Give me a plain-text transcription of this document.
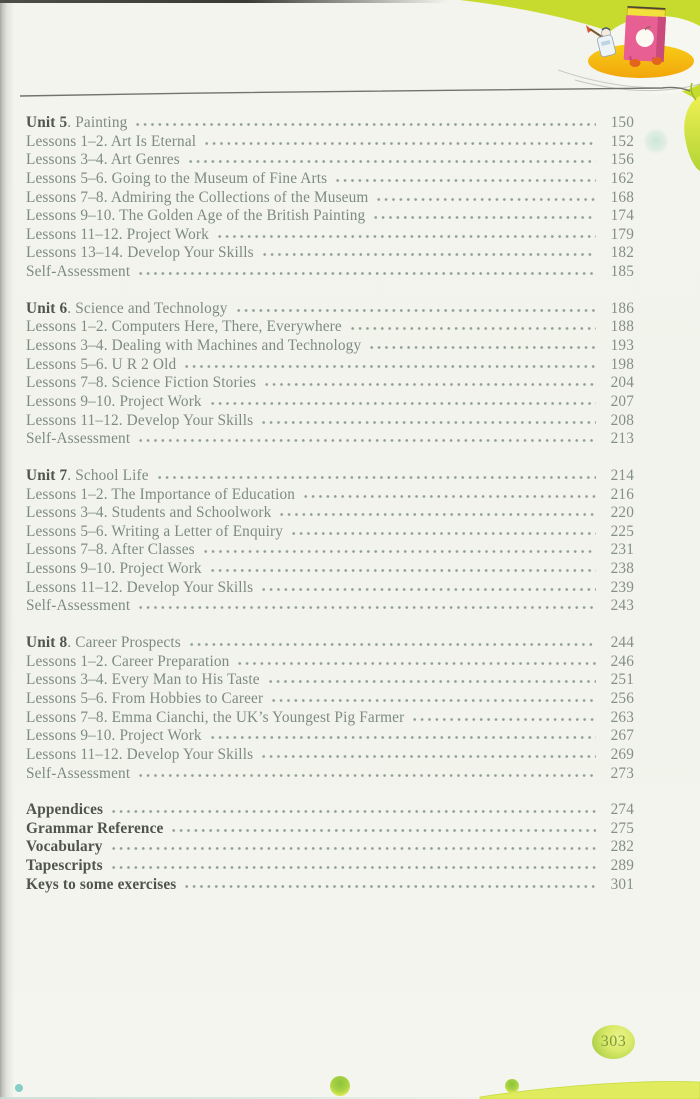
Unit 5. Painting	150
Lessons 1–2. Art Is Eternal	152
Lessons 3–4. Art Genres	156
Lessons 5–6. Going to the Museum of Fine Arts	162
Lessons 7–8. Admiring the Collections of the Museum	168
Lessons 9–10. The Golden Age of the British Painting	174
Lessons 11–12. Project Work	179
Lessons 13–14. Develop Your Skills	182
Self-Assessment	185
Unit 6. Science and Technology	186
Lessons 1–2. Computers Here, There, Everywhere	188
Lessons 3–4. Dealing with Machines and Technology	193
Lessons 5–6. U R 2 Old	198
Lessons 7–8. Science Fiction Stories	204
Lessons 9–10. Project Work	207
Lessons 11–12. Develop Your Skills	208
Self-Assessment	213
Unit 7. School Life	214
Lessons 1–2. The Importance of Education	216
Lessons 3–4. Students and Schoolwork	220
Lessons 5–6. Writing a Letter of Enquiry	225
Lessons 7–8. After Classes	231
Lessons 9–10. Project Work	238
Lessons 11–12. Develop Your Skills	239
Self-Assessment	243
Unit 8. Career Prospects	244
Lessons 1–2. Career Preparation	246
Lessons 3–4. Every Man to His Taste	251
Lessons 5–6. From Hobbies to Career	256
Lessons 7–8. Emma Cianchi, the UK’s Youngest Pig Farmer	263
Lessons 9–10. Project Work	267
Lessons 11–12. Develop Your Skills	269
Self-Assessment	273
Appendices	274
Grammar Reference	275
Vocabulary	282
Tapescripts	289
Keys to some exercises	301
303
